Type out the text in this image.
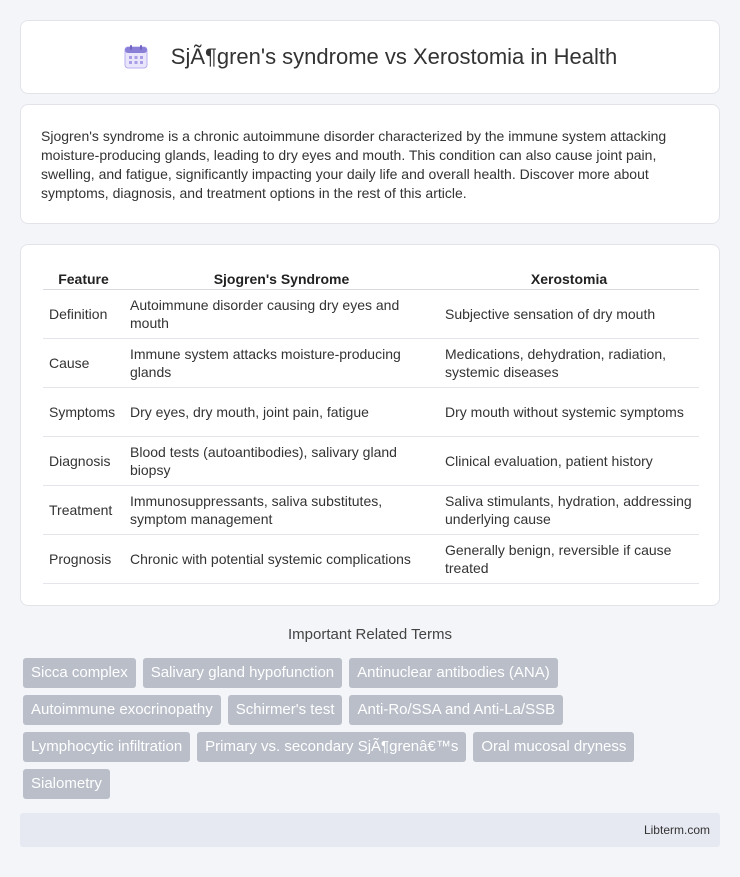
SjÃ¶gren's syndrome vs Xerostomia in Health

Sjogren's syndrome is a chronic autoimmune disorder characterized by the immune system attacking moisture-producing glands, leading to dry eyes and mouth. This condition can also cause joint pain, swelling, and fatigue, significantly impacting your daily life and overall health. Discover more about symptoms, diagnosis, and treatment options in the rest of this article.

Feature	Sjogren's Syndrome	Xerostomia
Definition	Autoimmune disorder causing dry eyes and mouth	Subjective sensation of dry mouth
Cause	Immune system attacks moisture-producing glands	Medications, dehydration, radiation, systemic diseases
Symptoms	Dry eyes, dry mouth, joint pain, fatigue	Dry mouth without systemic symptoms
Diagnosis	Blood tests (autoantibodies), salivary gland biopsy	Clinical evaluation, patient history
Treatment	Immunosuppressants, saliva substitutes, symptom management	Saliva stimulants, hydration, addressing underlying cause
Prognosis	Chronic with potential systemic complications	Generally benign, reversible if cause treated
Important Related Terms
Sicca complex	Salivary gland hypofunction	Antinuclear antibodies (ANA)
Autoimmune exocrinopathy	Schirmer's test	Anti-Ro/SSA and Anti-La/SSB
Lymphocytic infiltration	Primary vs. secondary SjÃ¶grenâ€™s	Oral mucosal dryness
Sialometry
Libterm.com
